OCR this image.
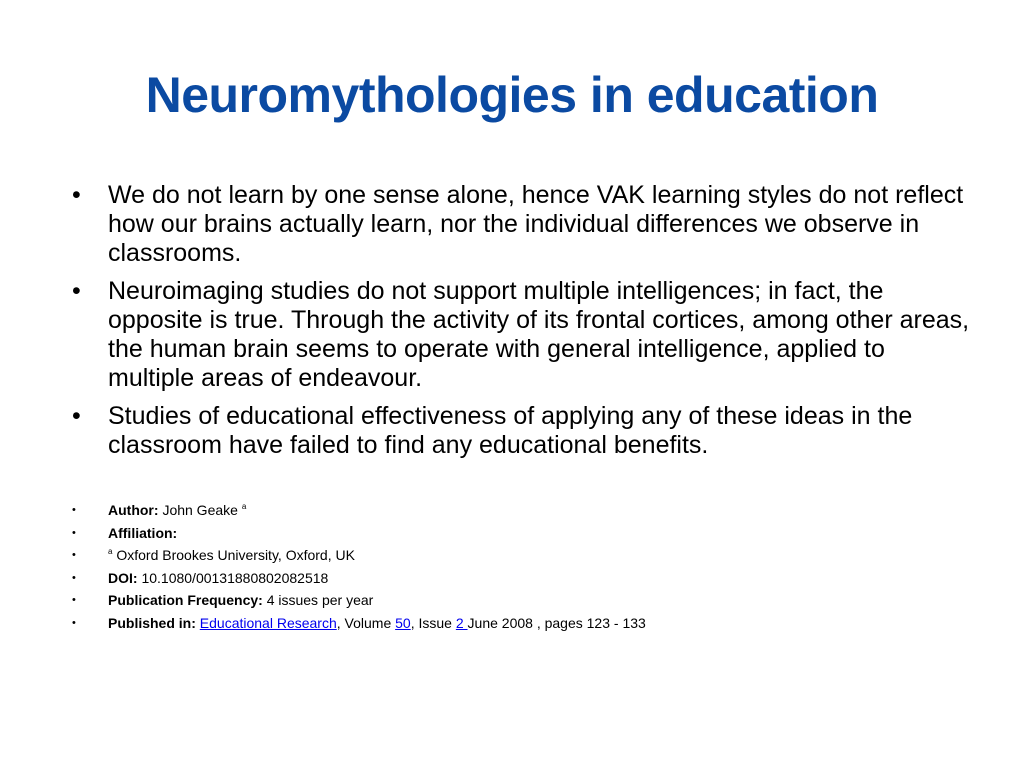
Neuromythologies in education
• We do not learn by one sense alone, hence VAK learning styles do not reflect how our brains actually learn, nor the individual differences we observe in classrooms.
• Neuroimaging studies do not support multiple intelligences; in fact, the opposite is true. Through the activity of its frontal cortices, among other areas, the human brain seems to operate with general intelligence, applied to multiple areas of endeavour.
• Studies of educational effectiveness of applying any of these ideas in the classroom have failed to find any educational benefits.
• Author: John Geake $^a$
• Affiliation:
•	$^a$ Oxford Brookes University, Oxford, UK
• DOI: 10.1080/00131880802082518
• Publication Frequency: 4 issues per year
• Published in: Educational Research, Volume 50, Issue 2 June 2008 , pages 123 - 133
